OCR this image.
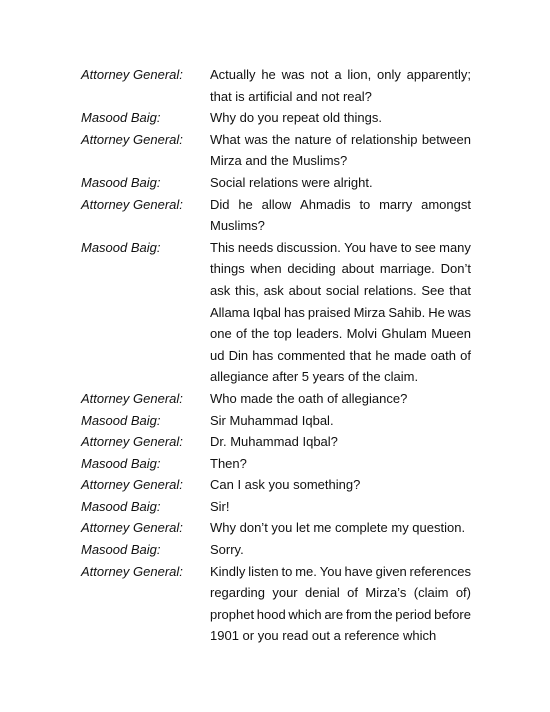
Attorney General:	Actually he was not a lion, only apparently;
that is artificial and not real?
Masood Baig:	Why do you repeat old things.
Attorney General:	What was the nature of relationship between
Mirza and the Muslims?
Masood Baig:	Social relations were alright.
Attorney General:	Did he allow Ahmadis to marry amongst
Muslims?
Masood Baig:	This needs discussion. You have to see many
things when deciding about marriage. Don’t
ask this, ask about social relations. See that
Allama Iqbal has praised Mirza Sahib. He was
one of the top leaders. Molvi Ghulam Mueen
ud Din has commented that he made oath of
allegiance after 5 years of the claim.
Attorney General:	Who made the oath of allegiance?
Masood Baig:	Sir Muhammad Iqbal.
Attorney General:	Dr. Muhammad Iqbal?
Masood Baig:	Then?
Attorney General:	Can I ask you something?
Masood Baig:	Sir!
Attorney General:	Why don’t you let me complete my question.
Masood Baig:	Sorry.
Attorney General:	Kindly listen to me. You have given references
regarding your denial of Mirza’s (claim of)
prophet hood which are from the period before
1901 or you read out a reference which
